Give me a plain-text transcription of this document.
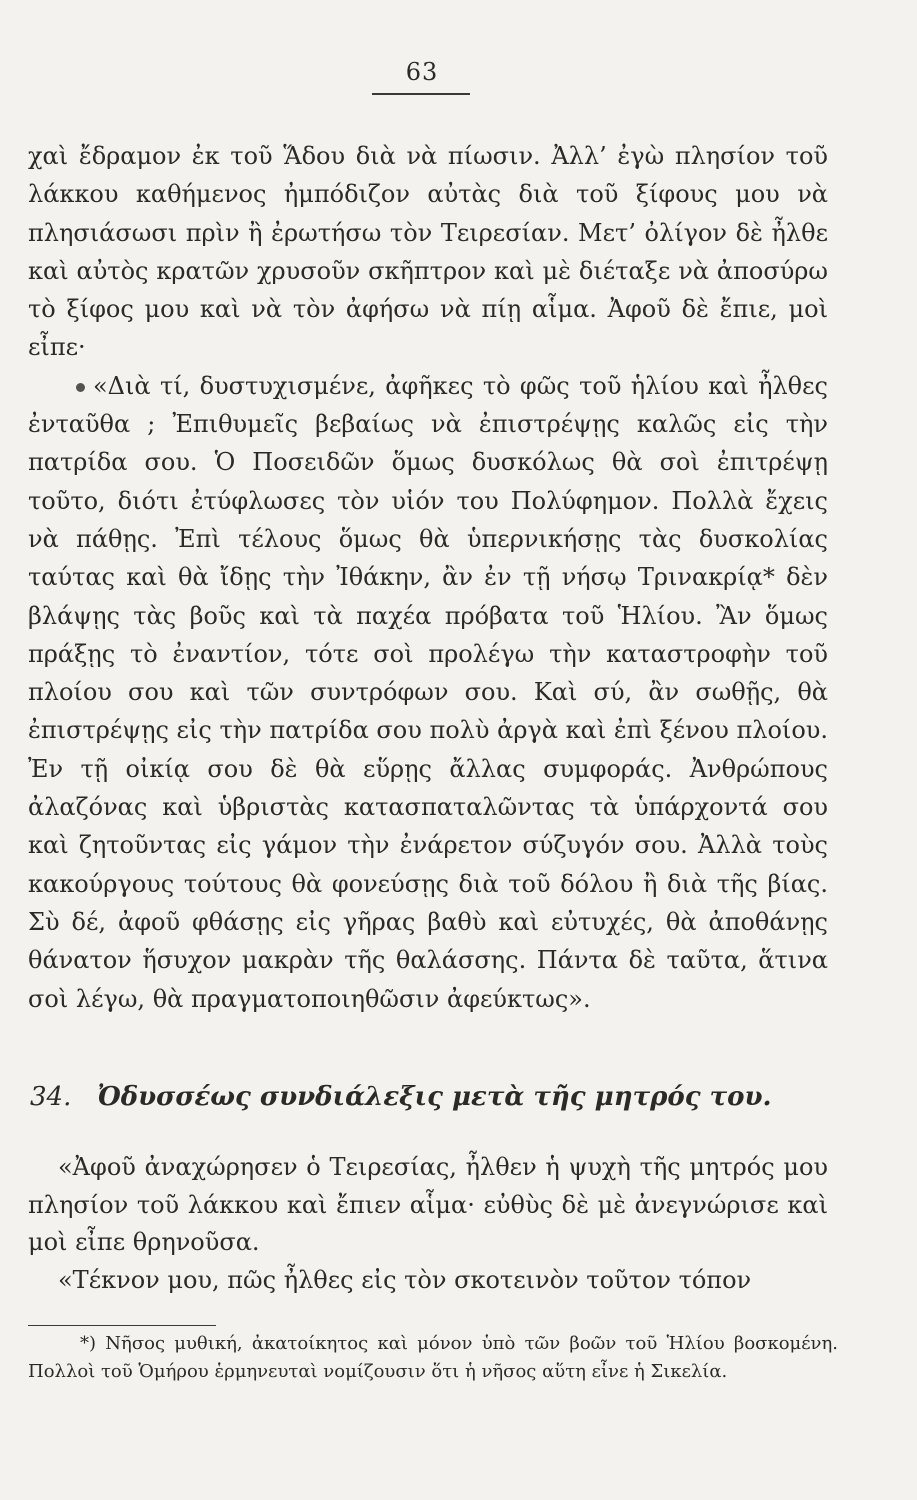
63

χαὶ ἔδραμον ἐκ τοῦ Ἅδου διὰ νὰ πίωσιν. Ἀλλ’ ἐγὼ πλησίον τοῦ λάκκου καθήμενος ἠμπόδιζον αὐτὰς διὰ τοῦ ξίφους μου νὰ πλησιάσωσι πρὶν ἢ ἐρωτήσω τὸν Τειρεσίαν. Μετ’ ὀλίγον δὲ ἦλθε καὶ αὐτὸς κρατῶν χρυσοῦν σκῆπτρον καὶ μὲ διέταξε νὰ ἀποσύρω τὸ ξίφος μου καὶ νὰ τὸν ἀφήσω νὰ πίῃ αἷμα. Ἀφοῦ δὲ ἔπιε, μοὶ εἶπε·

«Διὰ τί, δυστυχισμένε, ἀφῆκες τὸ φῶς τοῦ ἡλίου καὶ ἦλθες ἐνταῦθα ; Ἐπιθυμεῖς βεβαίως νὰ ἐπιστρέψῃς καλῶς εἰς τὴν πατρίδα σου. Ὁ Ποσειδῶν ὅμως δυσκόλως θὰ σοὶ ἐπιτρέψῃ τοῦτο, διότι ἐτύφλωσες τὸν υἱόν του Πολύφημον. Πολλὰ ἔχεις νὰ πάθῃς. Ἐπὶ τέλους ὅμως θὰ ὑπερνικήσῃς τὰς δυσκολίας ταύτας καὶ θὰ ἴδῃς τὴν Ἰθάκην, ἂν ἐν τῇ νήσῳ Τρινακρίᾳ* δὲν βλάψῃς τὰς βοῦς καὶ τὰ παχέα πρόβατα τοῦ Ἡλίου. Ἂν ὅμως πράξῃς τὸ ἐναντίον, τότε σοὶ προλέγω τὴν καταστροφὴν τοῦ πλοίου σου καὶ τῶν συντρόφων σου. Καὶ σύ, ἂν σωθῇς, θὰ ἐπιστρέψῃς εἰς τὴν πατρίδα σου πολὺ ἀργὰ καὶ ἐπὶ ξένου πλοίου. Ἐν τῇ οἰκίᾳ σου δὲ θὰ εὕρῃς ἄλλας συμφοράς. Ἀνθρώπους ἀλαζόνας καὶ ὑβριστὰς κατασπαταλῶντας τὰ ὑπάρχοντά σου καὶ ζητοῦντας εἰς γάμον τὴν ἐνάρετον σύζυγόν σου. Ἀλλὰ τοὺς κακούργους τούτους θὰ φονεύσῃς διὰ τοῦ δόλου ἢ διὰ τῆς βίας. Σὺ δέ, ἀφοῦ φθάσῃς εἰς γῆρας βαθὺ καὶ εὐτυχές, θὰ ἀποθάνῃς θάνατον ἥσυχον μακρὰν τῆς θαλάσσης. Πάντα δὲ ταῦτα, ἅτινα σοὶ λέγω, θὰ πραγματοποιηθῶσιν ἀφεύκτως».

34. Ὀδυσσέως συνδιάλεξις μετὰ τῆς μητρός του.

«Ἀφοῦ ἀναχώρησεν ὁ Τειρεσίας, ἦλθεν ἡ ψυχὴ τῆς μητρός μου πλησίον τοῦ λάκκου καὶ ἔπιεν αἷμα· εὐθὺς δὲ μὲ ἀνεγνώρισε καὶ μοὶ εἶπε θρηνοῦσα.

«Τέκνον μου, πῶς ἦλθες εἰς τὸν σκοτεινὸν τοῦτον τόπον

*) Νῆσος μυθική, ἀκατοίκητος καὶ μόνον ὑπὸ τῶν βοῶν τοῦ Ἡλίου βοσκομένη. Πολλοὶ τοῦ Ὁμήρου ἑρμηνευταὶ νομίζουσιν ὅτι ἡ νῆσος αὕτη εἶνε ἡ Σικελία.
